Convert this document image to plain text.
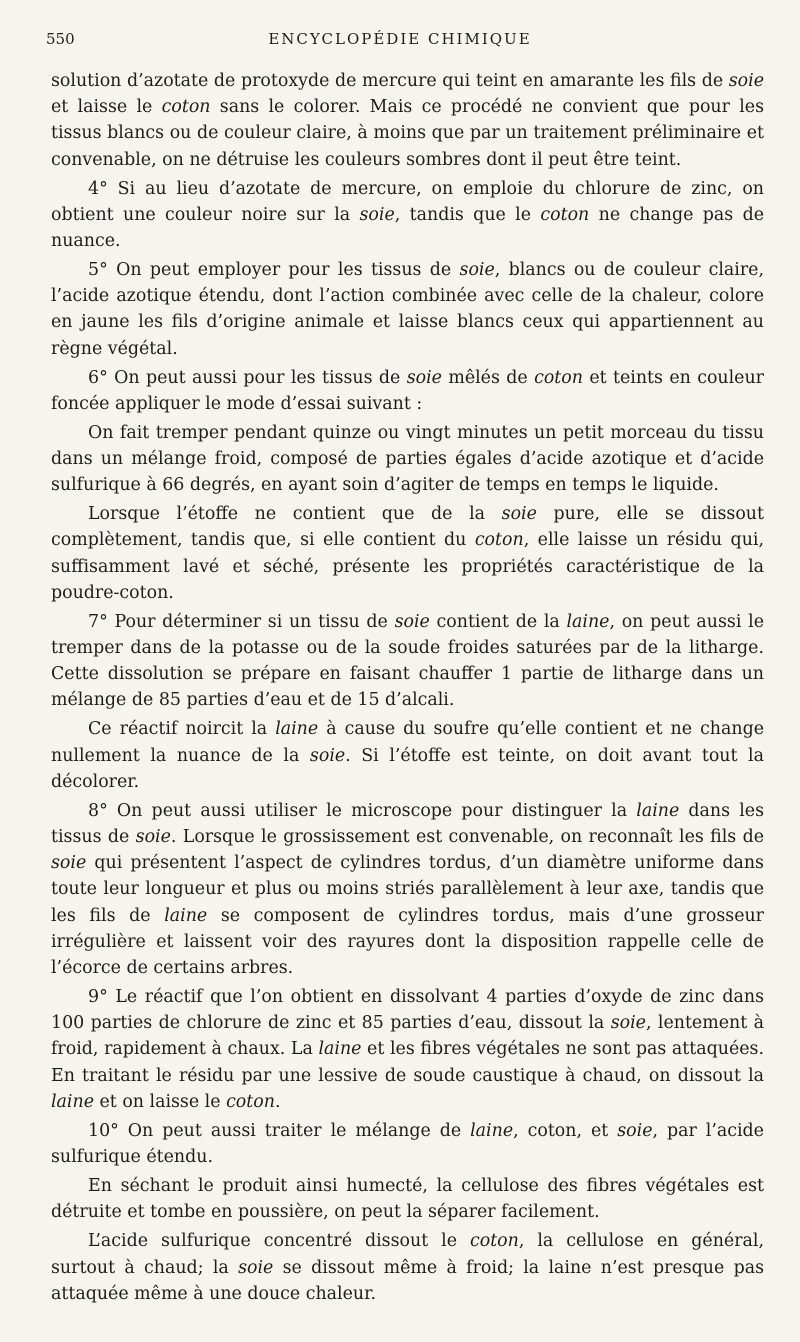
550	ENCYCLOPÉDIE CHIMIQUE

solution d’azotate de protoxyde de mercure qui teint en amarante les fils de soie et laisse le coton sans le colorer. Mais ce procédé ne convient que pour les tissus blancs ou de couleur claire, à moins que par un traitement préliminaire et convenable, on ne détruise les couleurs sombres dont il peut être teint.

4° Si au lieu d’azotate de mercure, on emploie du chlorure de zinc, on obtient une couleur noire sur la soie, tandis que le coton ne change pas de nuance.

5° On peut employer pour les tissus de soie, blancs ou de couleur claire, l’acide azotique étendu, dont l’action combinée avec celle de la chaleur, colore en jaune les fils d’origine animale et laisse blancs ceux qui appartiennent au règne végétal.

6° On peut aussi pour les tissus de soie mêlés de coton et teints en couleur foncée appliquer le mode d’essai suivant :

On fait tremper pendant quinze ou vingt minutes un petit morceau du tissu dans un mélange froid, composé de parties égales d’acide azotique et d’acide sulfurique à 66 degrés, en ayant soin d’agiter de temps en temps le liquide.

Lorsque l’étoffe ne contient que de la soie pure, elle se dissout complètement, tandis que, si elle contient du coton, elle laisse un résidu qui, suffisamment lavé et séché, présente les propriétés caractéristique de la poudre-coton.

7° Pour déterminer si un tissu de soie contient de la laine, on peut aussi le tremper dans de la potasse ou de la soude froides saturées par de la litharge. Cette dissolution se prépare en faisant chauffer 1 partie de litharge dans un mélange de 85 parties d’eau et de 15 d’alcali.

Ce réactif noircit la laine à cause du soufre qu’elle contient et ne change nullement la nuance de la soie. Si l’étoffe est teinte, on doit avant tout la décolorer.

8° On peut aussi utiliser le microscope pour distinguer la laine dans les tissus de soie. Lorsque le grossissement est convenable, on reconnaît les fils de soie qui présentent l’aspect de cylindres tordus, d’un diamètre uniforme dans toute leur longueur et plus ou moins striés parallèlement à leur axe, tandis que les fils de laine se composent de cylindres tordus, mais d’une grosseur irrégulière et laissent voir des rayures dont la disposition rappelle celle de l’écorce de certains arbres.

9° Le réactif que l’on obtient en dissolvant 4 parties d’oxyde de zinc dans 100 parties de chlorure de zinc et 85 parties d’eau, dissout la soie, lentement à froid, rapidement à chaux. La laine et les fibres végétales ne sont pas attaquées. En traitant le résidu par une lessive de soude caustique à chaud, on dissout la laine et on laisse le coton.

10° On peut aussi traiter le mélange de laine, coton, et soie, par l’acide sulfurique étendu.

En séchant le produit ainsi humecté, la cellulose des fibres végétales est détruite et tombe en poussière, on peut la séparer facilement.

L’acide sulfurique concentré dissout le coton, la cellulose en général, surtout à chaud; la soie se dissout même à froid; la laine n’est presque pas attaquée même à une douce chaleur.
